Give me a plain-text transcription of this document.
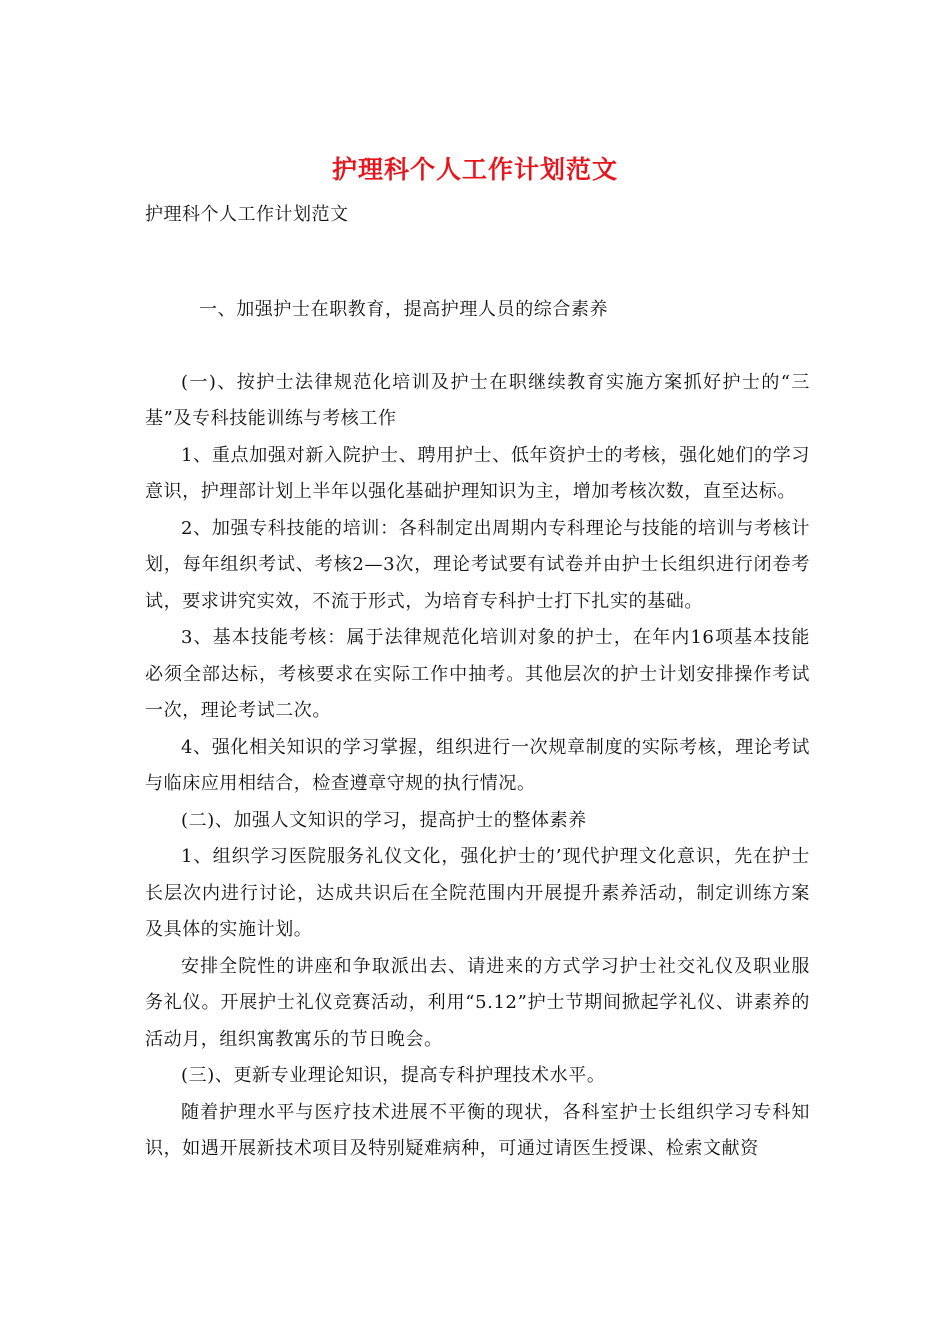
护理科个人工作计划范文
护理科个人工作计划范文

一、加强护士在职教育，提高护理人员的综合素养

(一)、按护士法律规范化培训及护士在职继续教育实施方案抓好护士的“三基”及专科技能训练与考核工作

1、重点加强对新入院护士、聘用护士、低年资护士的考核，强化她们的学习意识，护理部计划上半年以强化基础护理知识为主，增加考核次数，直至达标。

2、加强专科技能的培训：各科制定出周期内专科理论与技能的培训与考核计划，每年组织考试、考核2—3次，理论考试要有试卷并由护士长组织进行闭卷考试，要求讲究实效，不流于形式，为培育专科护士打下扎实的基础。

3、基本技能考核：属于法律规范化培训对象的护士，在年内16项基本技能必须全部达标，考核要求在实际工作中抽考。其他层次的护士计划安排操作考试一次，理论考试二次。

4、强化相关知识的学习掌握，组织进行一次规章制度的实际考核，理论考试与临床应用相结合，检查遵章守规的执行情况。

(二)、加强人文知识的学习，提高护士的整体素养

1、组织学习医院服务礼仪文化，强化护士的’现代护理文化意识，先在护士长层次内进行讨论，达成共识后在全院范围内开展提升素养活动，制定训练方案及具体的实施计划。

安排全院性的讲座和争取派出去、请进来的方式学习护士社交礼仪及职业服务礼仪。开展护士礼仪竞赛活动，利用“5.12”护士节期间掀起学礼仪、讲素养的活动月，组织寓教寓乐的节日晚会。

(三)、更新专业理论知识，提高专科护理技术水平。

随着护理水平与医疗技术进展不平衡的现状，各科室护士长组织学习专科知识，如遇开展新技术项目及特别疑难病种，可通过请医生授课、检索文献资
